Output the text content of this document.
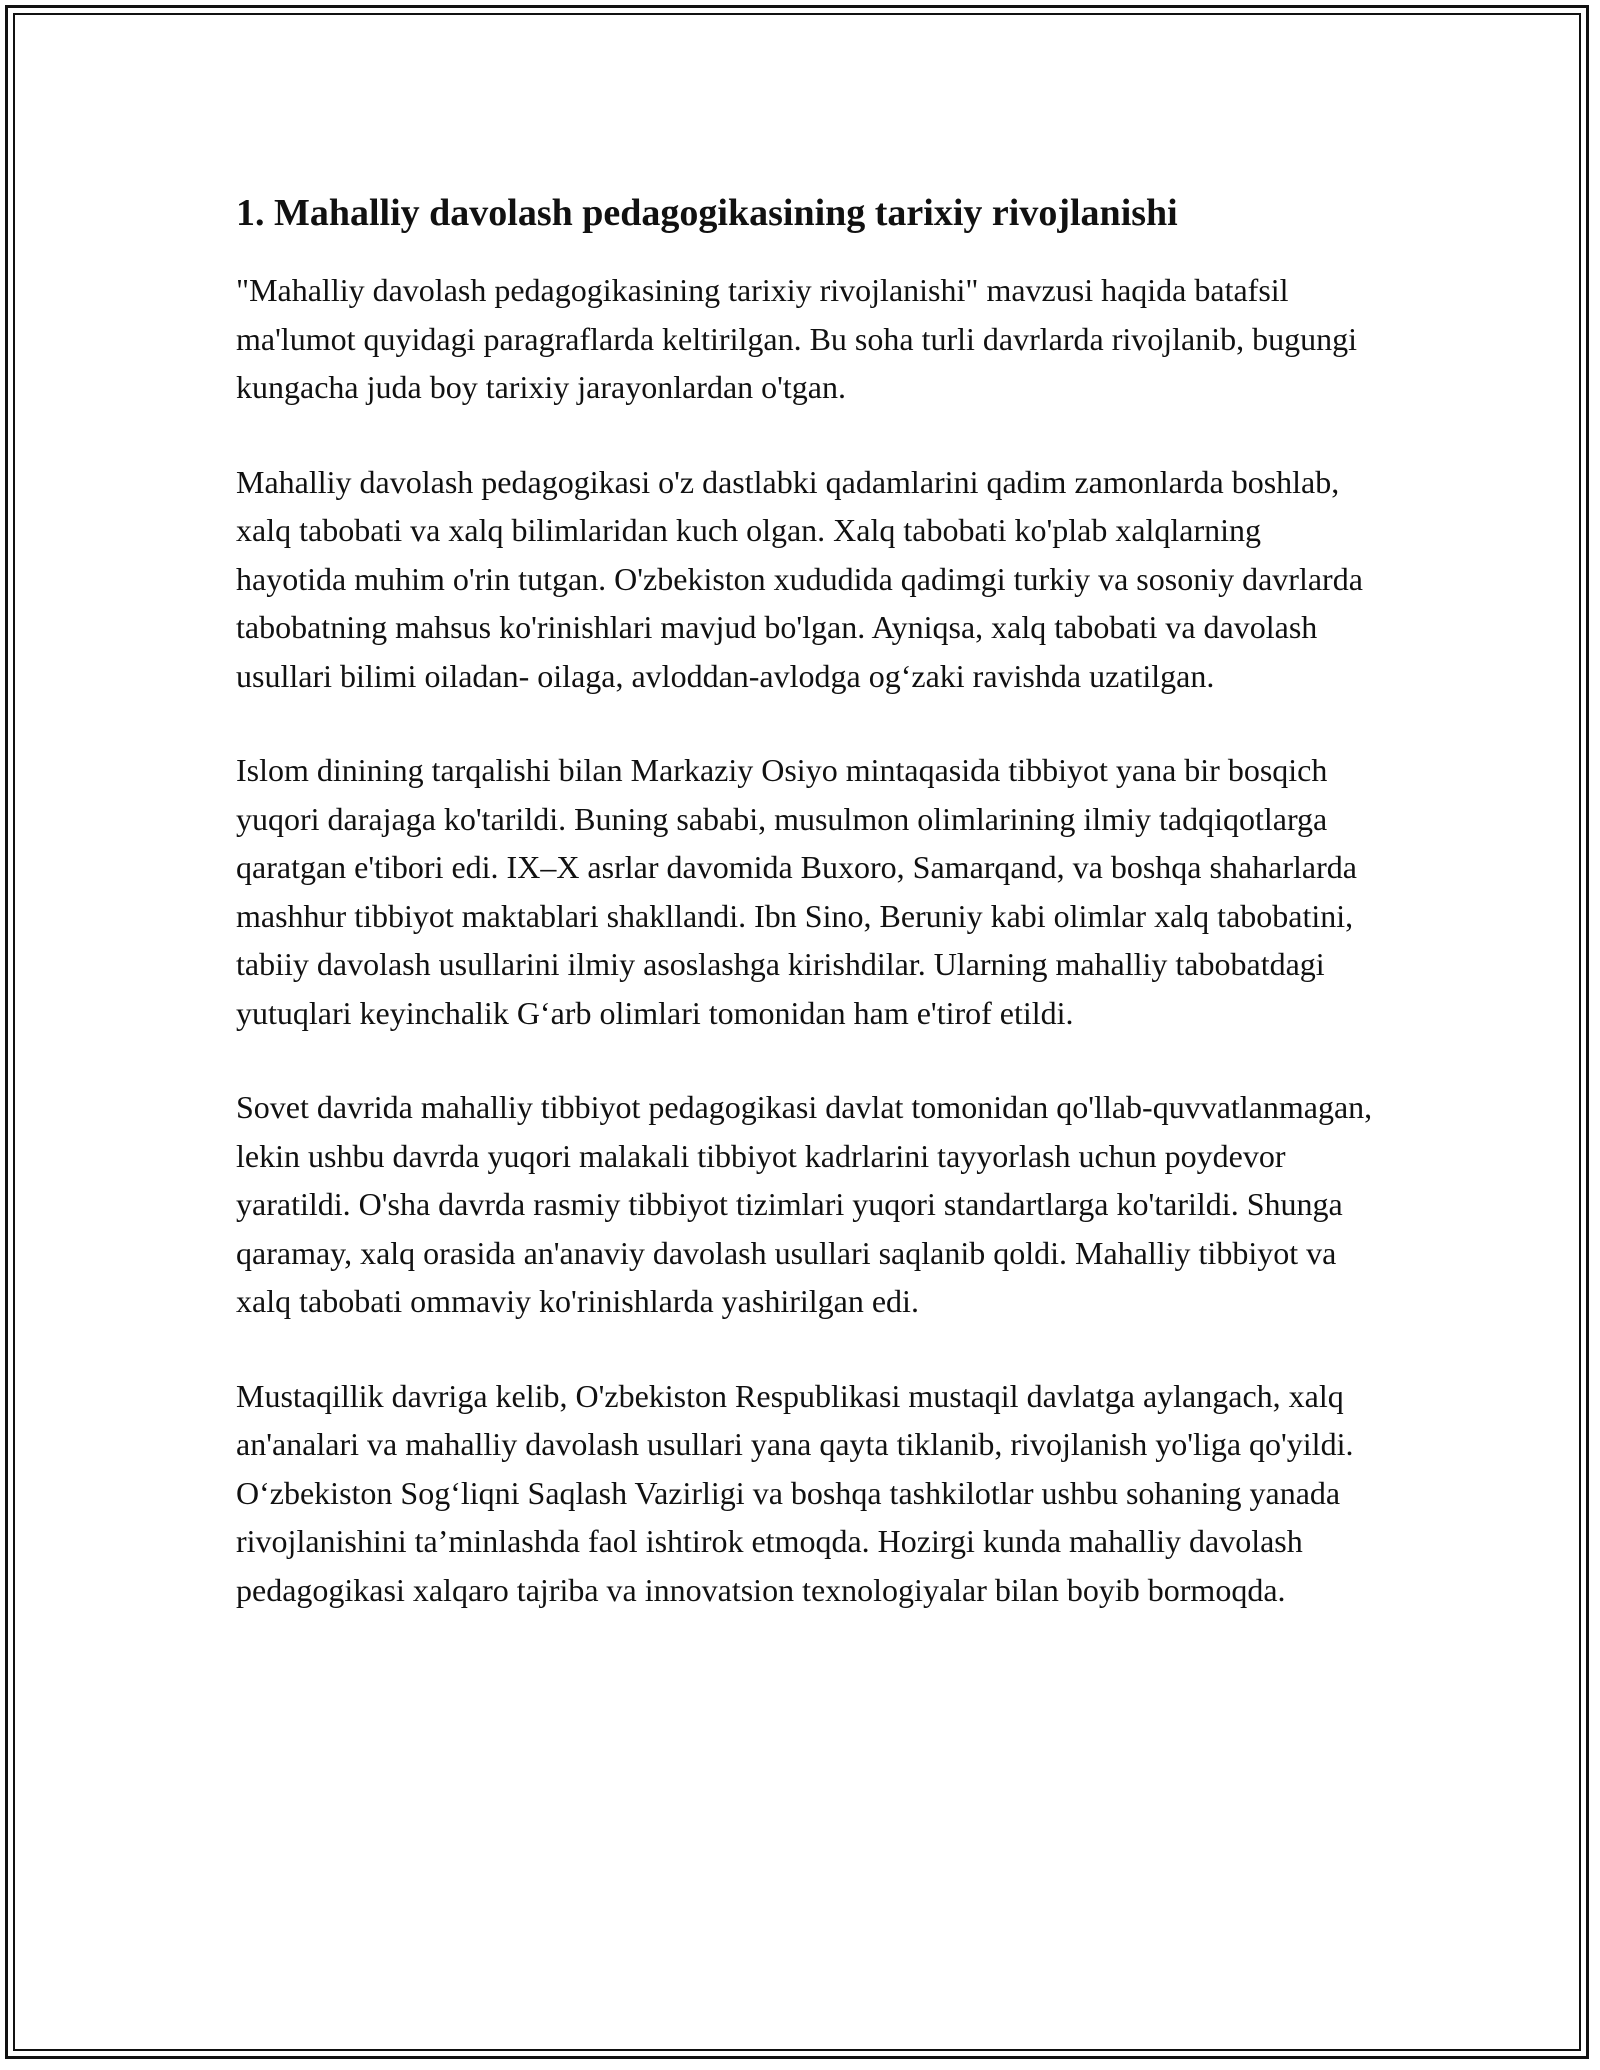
1. Mahalliy davolash pedagogikasining tarixiy rivojlanishi

"Mahalliy davolash pedagogikasining tarixiy rivojlanishi" mavzusi haqida batafsil ma'lumot quyidagi paragraflarda keltirilgan. Bu soha turli davrlarda rivojlanib, bugungi kungacha juda boy tarixiy jarayonlardan o'tgan.

Mahalliy davolash pedagogikasi o'z dastlabki qadamlarini qadim zamonlarda boshlab, xalq tabobati va xalq bilimlaridan kuch olgan. Xalq tabobati ko'plab xalqlarning hayotida muhim o'rin tutgan. O'zbekiston xududida qadimgi turkiy va sosoniy davrlarda tabobatning mahsus ko'rinishlari mavjud bo'lgan. Ayniqsa, xalq tabobati va davolash usullari bilimi oiladan- oilaga, avloddan-avlodga og‘zaki ravishda uzatilgan.

Islom dinining tarqalishi bilan Markaziy Osiyo mintaqasida tibbiyot yana bir bosqich yuqori darajaga ko'tarildi. Buning sababi, musulmon olimlarining ilmiy tadqiqotlarga qaratgan e'tibori edi. IX–X asrlar davomida Buxoro, Samarqand, va boshqa shaharlarda mashhur tibbiyot maktablari shakllandi. Ibn Sino, Beruniy kabi olimlar xalq tabobatini, tabiiy davolash usullarini ilmiy asoslashga kirishdilar. Ularning mahalliy tabobatdagi yutuqlari keyinchalik G‘arb olimlari tomonidan ham e'tirof etildi.

Sovet davrida mahalliy tibbiyot pedagogikasi davlat tomonidan qo'llab-quvvatlanmagan, lekin ushbu davrda yuqori malakali tibbiyot kadrlarini tayyorlash uchun poydevor yaratildi. O'sha davrda rasmiy tibbiyot tizimlari yuqori standartlarga ko'tarildi. Shunga qaramay, xalq orasida an'anaviy davolash usullari saqlanib qoldi. Mahalliy tibbiyot va xalq tabobati ommaviy ko'rinishlarda yashirilgan edi.

Mustaqillik davriga kelib, O'zbekiston Respublikasi mustaqil davlatga aylangach, xalq an'analari va mahalliy davolash usullari yana qayta tiklanib, rivojlanish yo'liga qo'yildi. O‘zbekiston Sog‘liqni Saqlash Vazirligi va boshqa tashkilotlar ushbu sohaning yanada rivojlanishini ta’minlashda faol ishtirok etmoqda. Hozirgi kunda mahalliy davolash pedagogikasi xalqaro tajriba va innovatsion texnologiyalar bilan boyib bormoqda.
